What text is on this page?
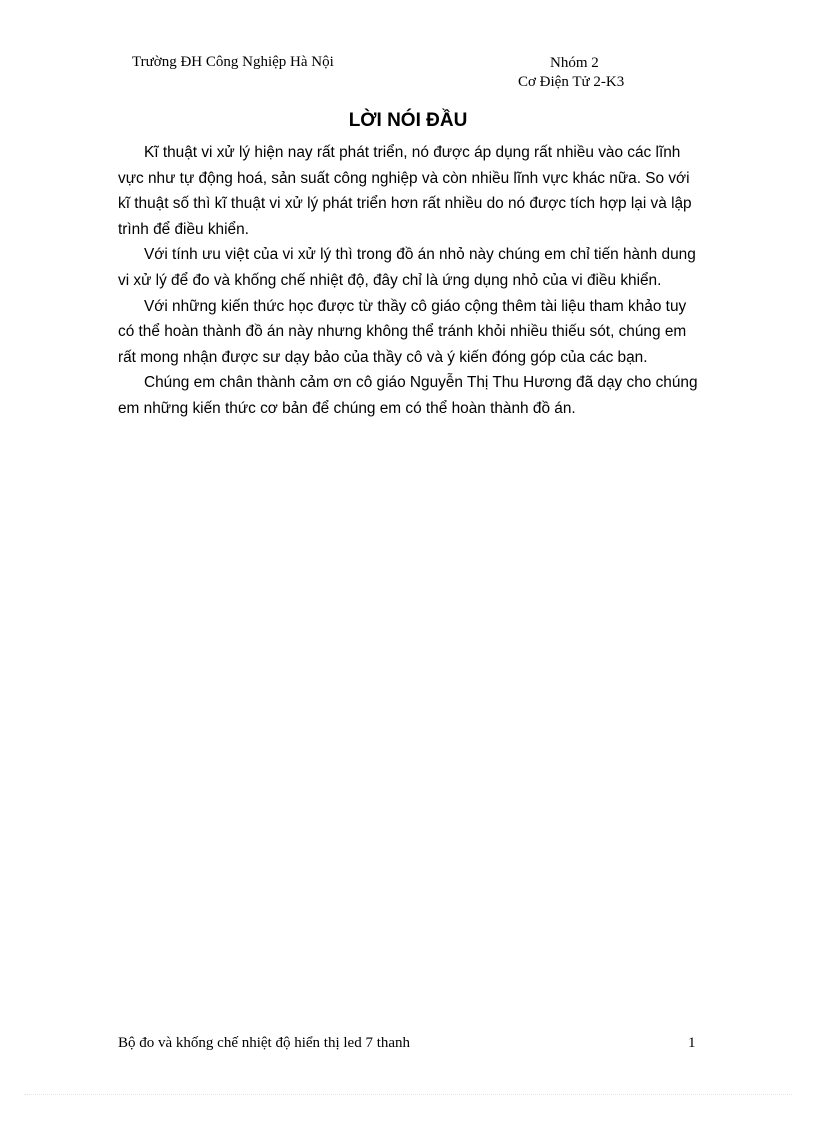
Trường ĐH Công Nghiệp Hà Nội	Nhóm 2
Cơ Điện Tử 2-K3
LỜI NÓI ĐẦU

Kĩ thuật vi xử lý hiện nay rất phát triển, nó được áp dụng rất nhiều vào các lĩnh vực như tự động hoá, sản suất công nghiệp và còn nhiều lĩnh vực khác nữa. So với kĩ thuật số thì kĩ thuật vi xử lý phát triển hơn rất nhiều do nó được tích hợp lại và lập trình để điều khiển.

Với tính ưu việt của vi xử lý thì trong đồ án nhỏ này chúng em chỉ tiến hành dung vi xử lý để đo và khống chế nhiệt độ, đây chỉ là ứng dụng nhỏ của vi điều khiển.

Với những kiến thức học được từ thầy cô giáo cộng thêm tài liệu tham khảo tuy có thể hoàn thành đồ án này nhưng không thể tránh khỏi nhiều thiếu sót, chúng em rất mong nhận được sư dạy bảo của thầy cô và ý kiến đóng góp của các bạn.

Chúng em chân thành cảm ơn cô giáo Nguyễn Thị Thu Hương đã dạy cho chúng em những kiến thức cơ bản để chúng em có thể hoàn thành đồ án.

Bộ đo và khống chế nhiệt độ hiển thị led 7 thanh	1
